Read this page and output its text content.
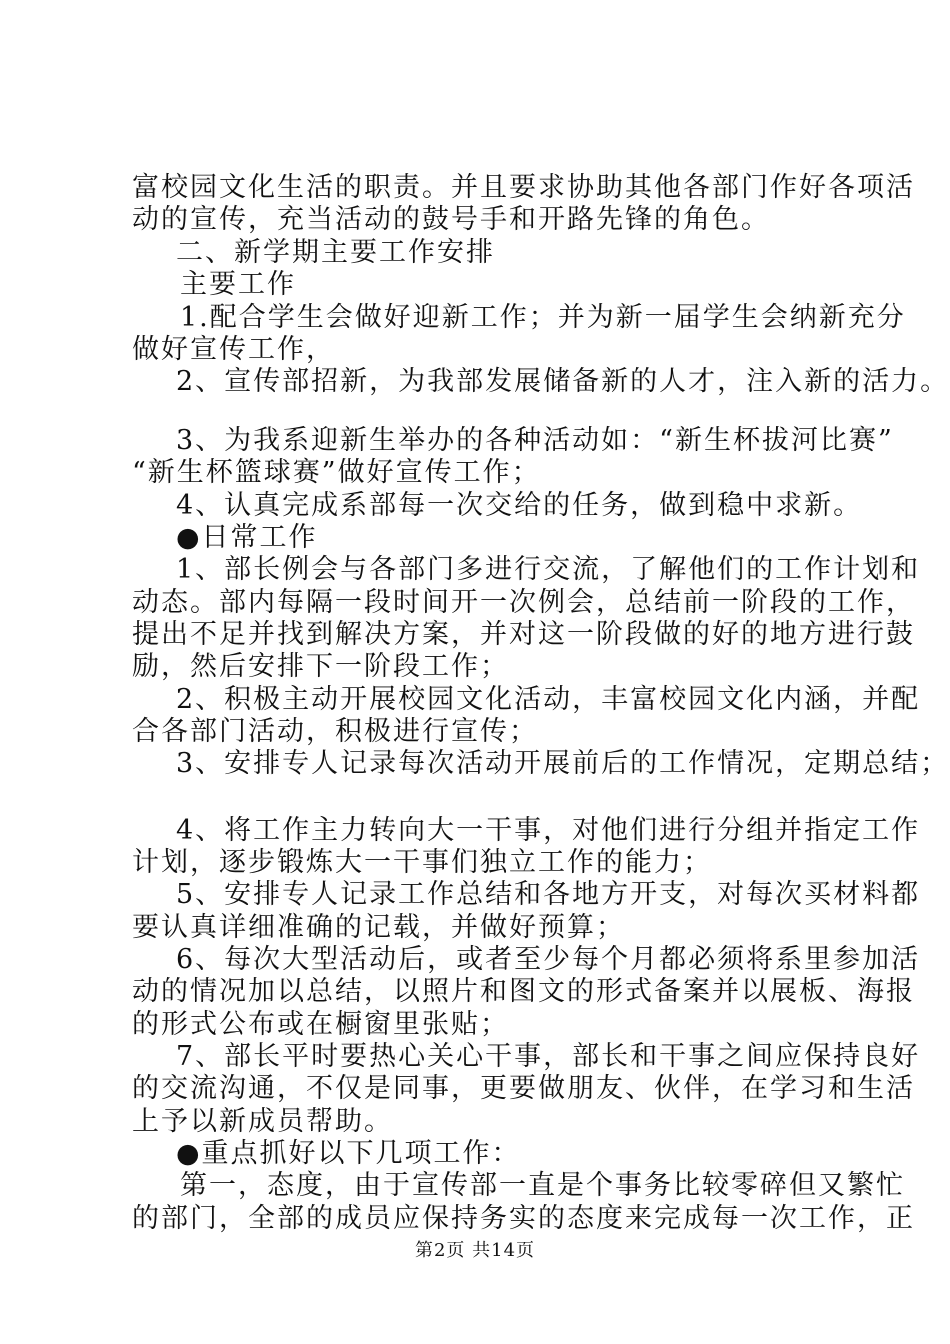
富校园文化生活的职责。并且要求协助其他各部门作好各项活
动的宣传，充当活动的鼓号手和开路先锋的角色。
二、新学期主要工作安排
主要工作
1.配合学生会做好迎新工作；并为新一届学生会纳新充分
做好宣传工作，
2、宣传部招新，为我部发展储备新的人才，注入新的活力。
3、为我系迎新生举办的各种活动如：“新生杯拔河比赛”
“新生杯篮球赛”做好宣传工作；
4、认真完成系部每一次交给的任务，做到稳中求新。
●日常工作
1、部长例会与各部门多进行交流，了解他们的工作计划和
动态。部内每隔一段时间开一次例会，总结前一阶段的工作，
提出不足并找到解决方案，并对这一阶段做的好的地方进行鼓
励，然后安排下一阶段工作；
2、积极主动开展校园文化活动，丰富校园文化内涵，并配
合各部门活动，积极进行宣传；
3、安排专人记录每次活动开展前后的工作情况，定期总结；
4、将工作主力转向大一干事，对他们进行分组并指定工作
计划，逐步锻炼大一干事们独立工作的能力；
5、安排专人记录工作总结和各地方开支，对每次买材料都
要认真详细准确的记载，并做好预算；
6、每次大型活动后，或者至少每个月都必须将系里参加活
动的情况加以总结，以照片和图文的形式备案并以展板、海报
的形式公布或在橱窗里张贴；
7、部长平时要热心关心干事，部长和干事之间应保持良好
的交流沟通，不仅是同事，更要做朋友、伙伴，在学习和生活
上予以新成员帮助。
●重点抓好以下几项工作：
第一，态度，由于宣传部一直是个事务比较零碎但又繁忙
的部门，全部的成员应保持务实的态度来完成每一次工作，正
第2页 共14页
